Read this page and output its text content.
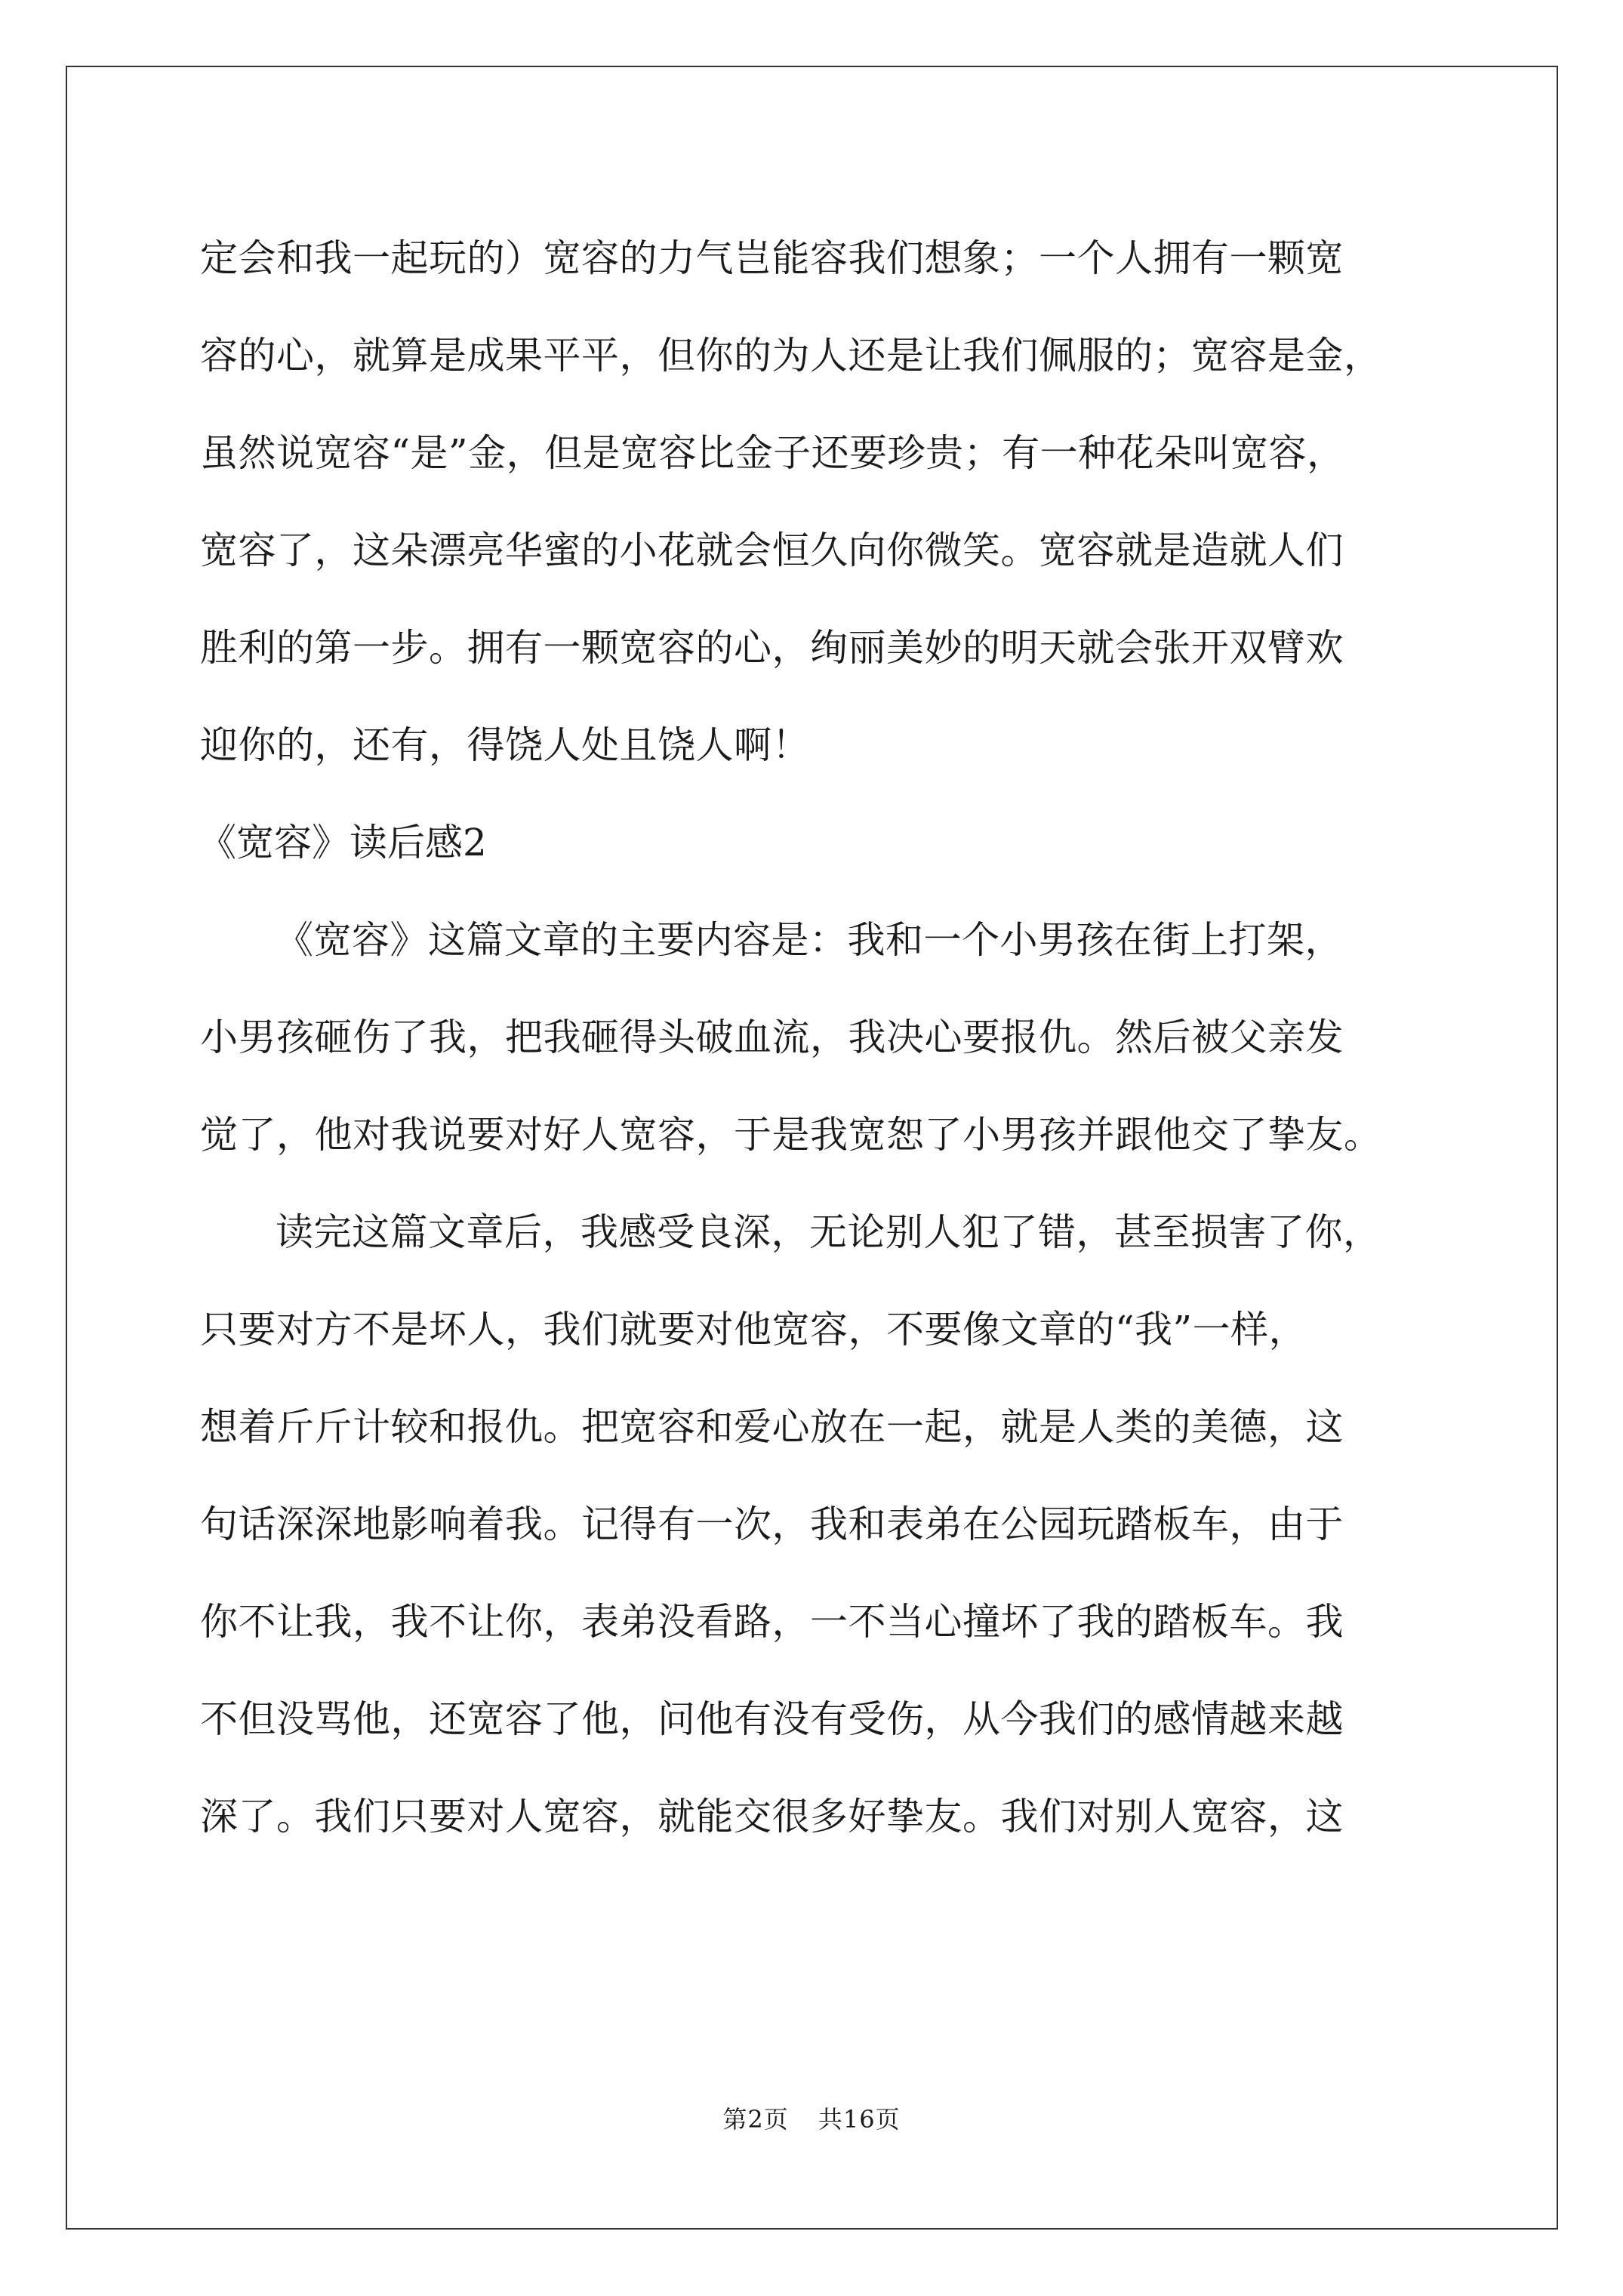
定会和我一起玩的）宽容的力气岂能容我们想象；一个人拥有一颗宽
容的心，就算是成果平平，但你的为人还是让我们佩服的；宽容是金，
虽然说宽容“是”金，但是宽容比金子还要珍贵；有一种花朵叫宽容，
宽容了，这朵漂亮华蜜的小花就会恒久向你微笑。宽容就是造就人们
胜利的第一步。拥有一颗宽容的心，绚丽美妙的明天就会张开双臂欢
迎你的，还有，得饶人处且饶人啊！
《宽容》读后感2
《宽容》这篇文章的主要内容是：我和一个小男孩在街上打架，
小男孩砸伤了我，把我砸得头破血流，我决心要报仇。然后被父亲发
觉了，他对我说要对好人宽容，于是我宽恕了小男孩并跟他交了挚友。
读完这篇文章后，我感受良深，无论别人犯了错，甚至损害了你，
只要对方不是坏人，我们就要对他宽容，不要像文章的“我”一样，
想着斤斤计较和报仇。把宽容和爱心放在一起，就是人类的美德，这
句话深深地影响着我。记得有一次，我和表弟在公园玩踏板车，由于
你不让我，我不让你，表弟没看路，一不当心撞坏了我的踏板车。我
不但没骂他，还宽容了他，问他有没有受伤，从今我们的感情越来越
深了。我们只要对人宽容，就能交很多好挚友。我们对别人宽容，这
第2页 共16页
